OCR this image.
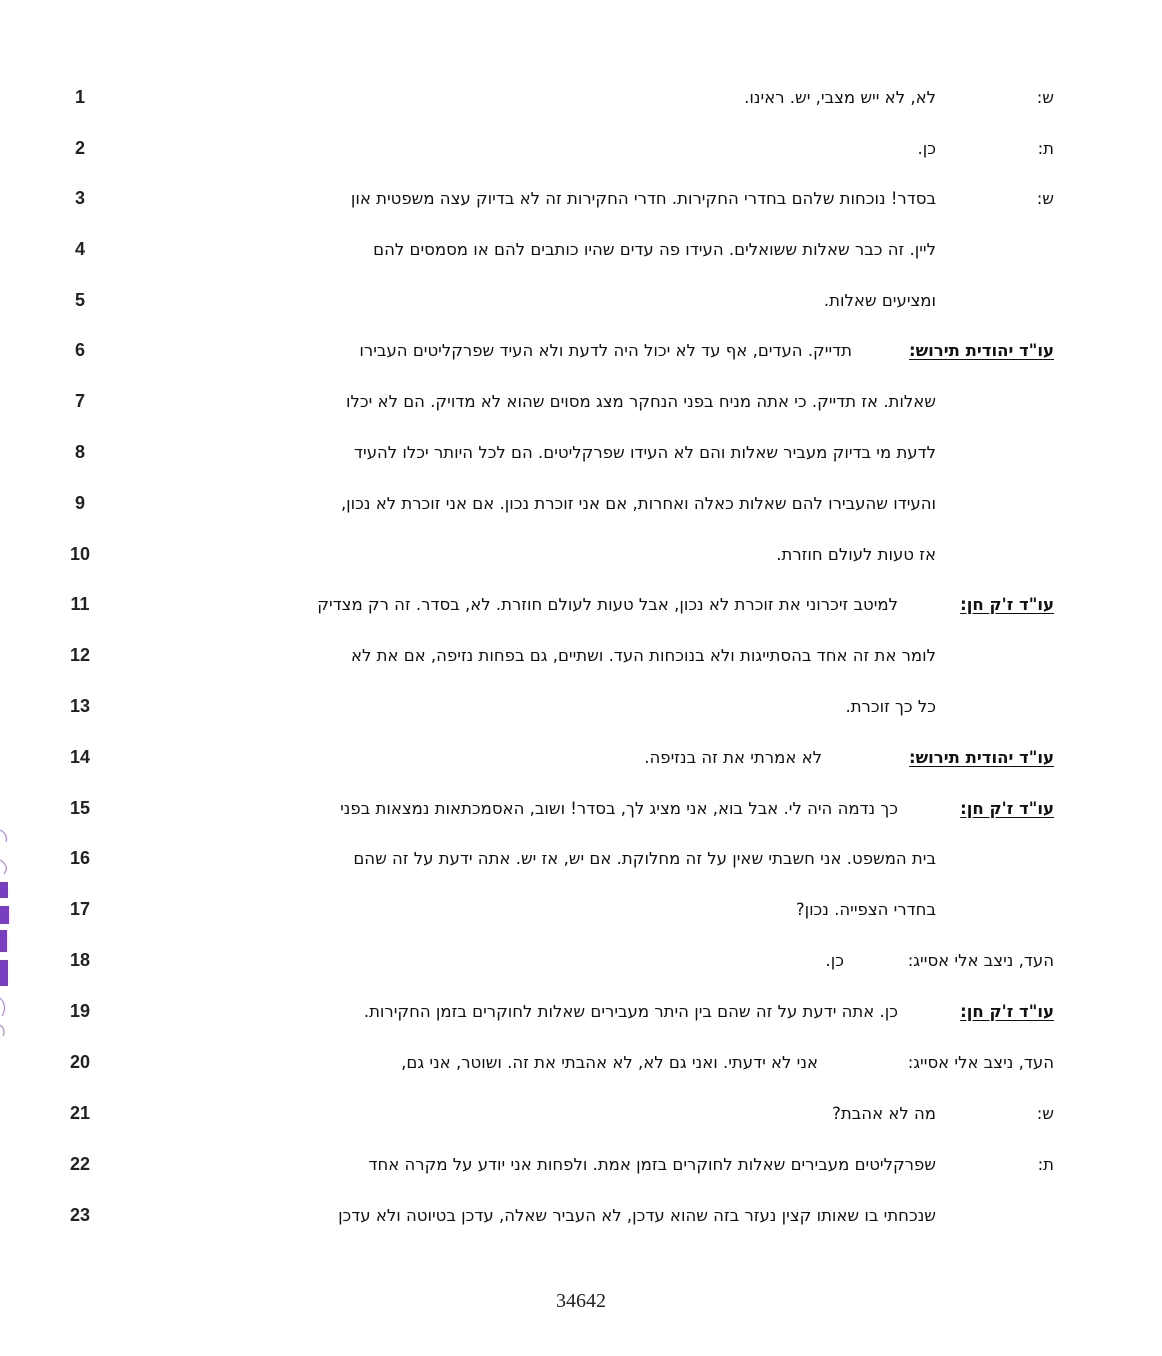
1	לא, לא ייש מצבי, יש. ראינו.	ש:
2	כן.	ת:
3	בסדר! נוכחות שלהם בחדרי החקירות. חדרי החקירות זה לא בדיוק עצה משפטית און	ש:
4	ליין. זה כבר שאלות ששואלים. העידו פה עדים שהיו כותבים להם או מסמסים להם
5	ומציעים שאלות.
6	תדייק. העדים, אף עד לא יכול היה לדעת ולא העיד שפרקליטים העבירו	עו"ד יהודית תירוש:
7	שאלות. אז תדייק. כי אתה מניח בפני הנחקר מצג מסוים שהוא לא מדויק. הם לא יכלו
8	לדעת מי בדיוק מעביר שאלות והם לא העידו שפרקליטים. הם לכל היותר יכלו להעיד
9	והעידו שהעבירו להם שאלות כאלה ואחרות, אם אני זוכרת נכון. אם אני זוכרת לא נכון,
10	אז טעות לעולם חוזרת.
11	למיטב זיכרוני את זוכרת לא נכון, אבל טעות לעולם חוזרת. לא, בסדר. זה רק מצדיק	עו"ד ז'ק חן:
12	לומר את זה אחד בהסתייגות ולא בנוכחות העד. ושתיים, גם בפחות נזיפה, אם את לא
13	כל כך זוכרת.
14	לא אמרתי את זה בנזיפה.	עו"ד יהודית תירוש:
15	כך נדמה היה לי. אבל בוא, אני מציג לך, בסדר! ושוב, האסמכתאות נמצאות בפני	עו"ד ז'ק חן:
16	בית המשפט. אני חשבתי שאין על זה מחלוקת. אם יש, אז יש. אתה ידעת על זה שהם
17	בחדרי הצפייה. נכון?
18	כן.	העד, ניצב אלי אסייג:
19	כן. אתה ידעת על זה שהם בין היתר מעבירים שאלות לחוקרים בזמן החקירות.	עו"ד ז'ק חן:
20	אני לא ידעתי. ואני גם לא, לא אהבתי את זה. ושוטר, אני גם,	העד, ניצב אלי אסייג:
21	מה לא אהבת?	ש:
22	שפרקליטים מעבירים שאלות לחוקרים בזמן אמת. ולפחות אני יודע על מקרה אחד	ת:
23	שנכחתי בו שאותו קצין נעזר בזה שהוא עדכן, לא העביר שאלה, עדכן בטיוטה ולא עדכן
34642
